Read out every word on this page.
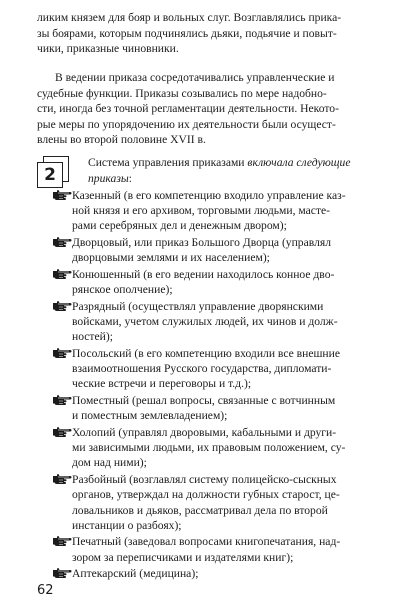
ликим князем для бояр и вольных слуг. Возглавлялись прика-
зы боярами, которым подчинялись дьяки, подьячие и повыт-
чики, приказные чиновники.
В ведении приказа сосредотачивались управленческие и
судебные функции. Приказы созывались по мере надобно-
сти, иногда без точной регламентации деятельности. Некото-
рые меры по упорядочению их деятельности были осущест-
влены во второй половине XVII в.
2
Система управления приказами включала следующие
приказы:
Казенный (в его компетенцию входило управление каз-
ной князя и его архивом, торговыми людьми, масте-
рами серебряных дел и денежным двором);
Дворцовый, или приказ Большого Дворца (управлял
дворцовыми землями и их населением);
Конюшенный (в его ведении находилось конное дво-
рянское ополчение);
Разрядный (осуществлял управление дворянскими
войсками, учетом служилых людей, их чинов и долж-
ностей);
Посольский (в его компетенцию входили все внешние
взаимоотношения Русского государства, дипломати-
ческие встречи и переговоры и т.д.);
Поместный (решал вопросы, связанные с вотчинным
и поместным землевладением);
Холопий (управлял дворовыми, кабальными и други-
ми зависимыми людьми, их правовым положением, су-
дом над ними);
Разбойный (возглавлял систему полицейско-сыскных
органов, утверждал на должности губных старост, це-
ловальников и дьяков, рассматривал дела по второй
инстанции о разбоях);
Печатный (заведовал вопросами книгопечатания, над-
зором за переписчиками и издателями книг);
Аптекарский (медицина);
62
